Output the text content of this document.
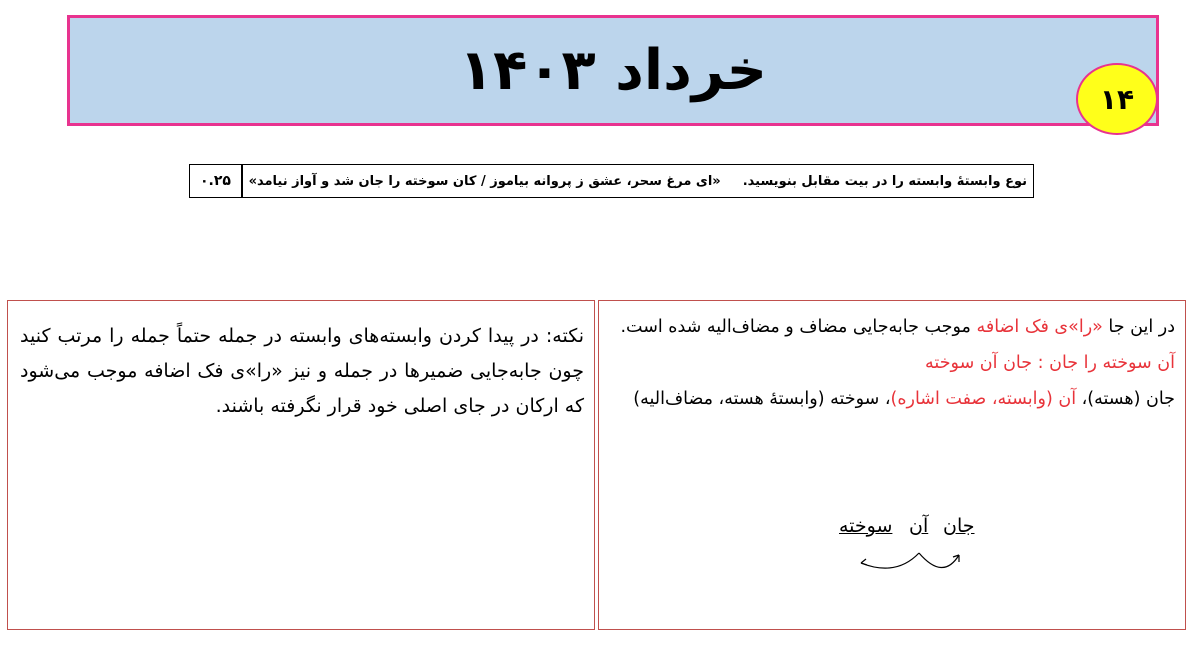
خرداد ۱۴۰۳	۱۴
۰.۲۵	نوع وابستهٔ وابسته را در بیت مقابل بنویسید.
«ای مرغ سحر، عشق ز پروانه بیاموز / کان سوخته را جان شد و آواز نیامد»
نکته: در پیدا کردن وابسته‌های وابسته در جمله حتماً جمله را مرتب کنید چون جابه‌جایی ضمیرها در جمله و نیز «را»ی فک اضافه موجب می‌شود که ارکان در جای اصلی خود قرار نگرفته باشند.
در این جا «را»ی فک اضافه موجب جابه‌جایی مضاف و مضاف‌الیه شده است.
آن سوخته را جان : جان آن سوخته
جان (هسته)، آن (وابسته، صفت اشاره)، سوخته (وابستهٔ هسته، مضاف‌الیه)
جان
آن
سوخته
